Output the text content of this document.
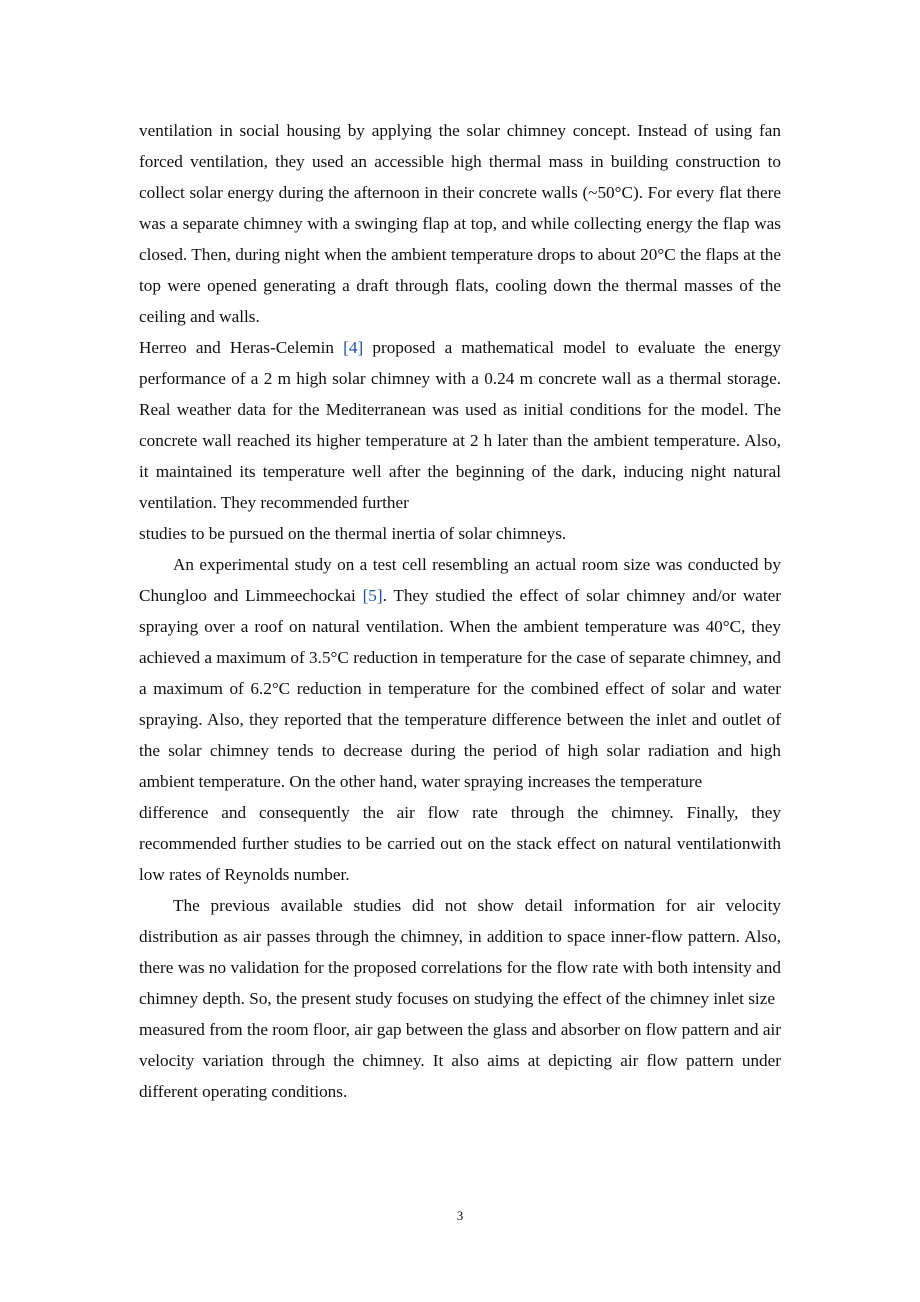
ventilation in social housing by applying the solar chimney concept. Instead of using fan forced ventilation, they used an accessible high thermal mass in building construction to collect solar energy during the afternoon in their concrete walls (~50°C). For every flat there was a separate chimney with a swinging flap at top, and while collecting energy the flap was closed. Then, during night when the ambient temperature drops to about 20°C the flaps at the top were opened generating a draft through flats, cooling down the thermal masses of the ceiling and walls.

Herreo and Heras-Celemin [4] proposed a mathematical model to evaluate the energy performance of a 2 m high solar chimney with a 0.24 m concrete wall as a thermal storage. Real weather data for the Mediterranean was used as initial conditions for the model. The concrete wall reached its higher temperature at 2 h later than the ambient temperature. Also, it maintained its temperature well after the beginning of the dark, inducing night natural ventilation. They recommended further

studies to be pursued on the thermal inertia of solar chimneys.

An experimental study on a test cell resembling an actual room size was conducted by Chungloo and Limmeechockai [5]. They studied the effect of solar chimney and/or water spraying over a roof on natural ventilation. When the ambient temperature was 40°C, they achieved a maximum of 3.5°C reduction in temperature for the case of separate chimney, and a maximum of 6.2°C reduction in temperature for the combined effect of solar and water spraying. Also, they reported that the temperature difference between the inlet and outlet of the solar chimney tends to decrease during the period of high solar radiation and high ambient temperature. On the other hand, water spraying increases the temperature

difference and consequently the air flow rate through the chimney. Finally, they recommended further studies to be carried out on the stack effect on natural ventilationwith low rates of Reynolds number.

The previous available studies did not show detail information for air velocity distribution as air passes through the chimney, in addition to space inner-flow pattern. Also, there was no validation for the proposed correlations for the flow rate with both intensity and chimney depth. So, the present study focuses on studying the effect of the chimney inlet size

measured from the room floor, air gap between the glass and absorber on flow pattern and air velocity variation through the chimney. It also aims at depicting air flow pattern under different operating conditions.

3
